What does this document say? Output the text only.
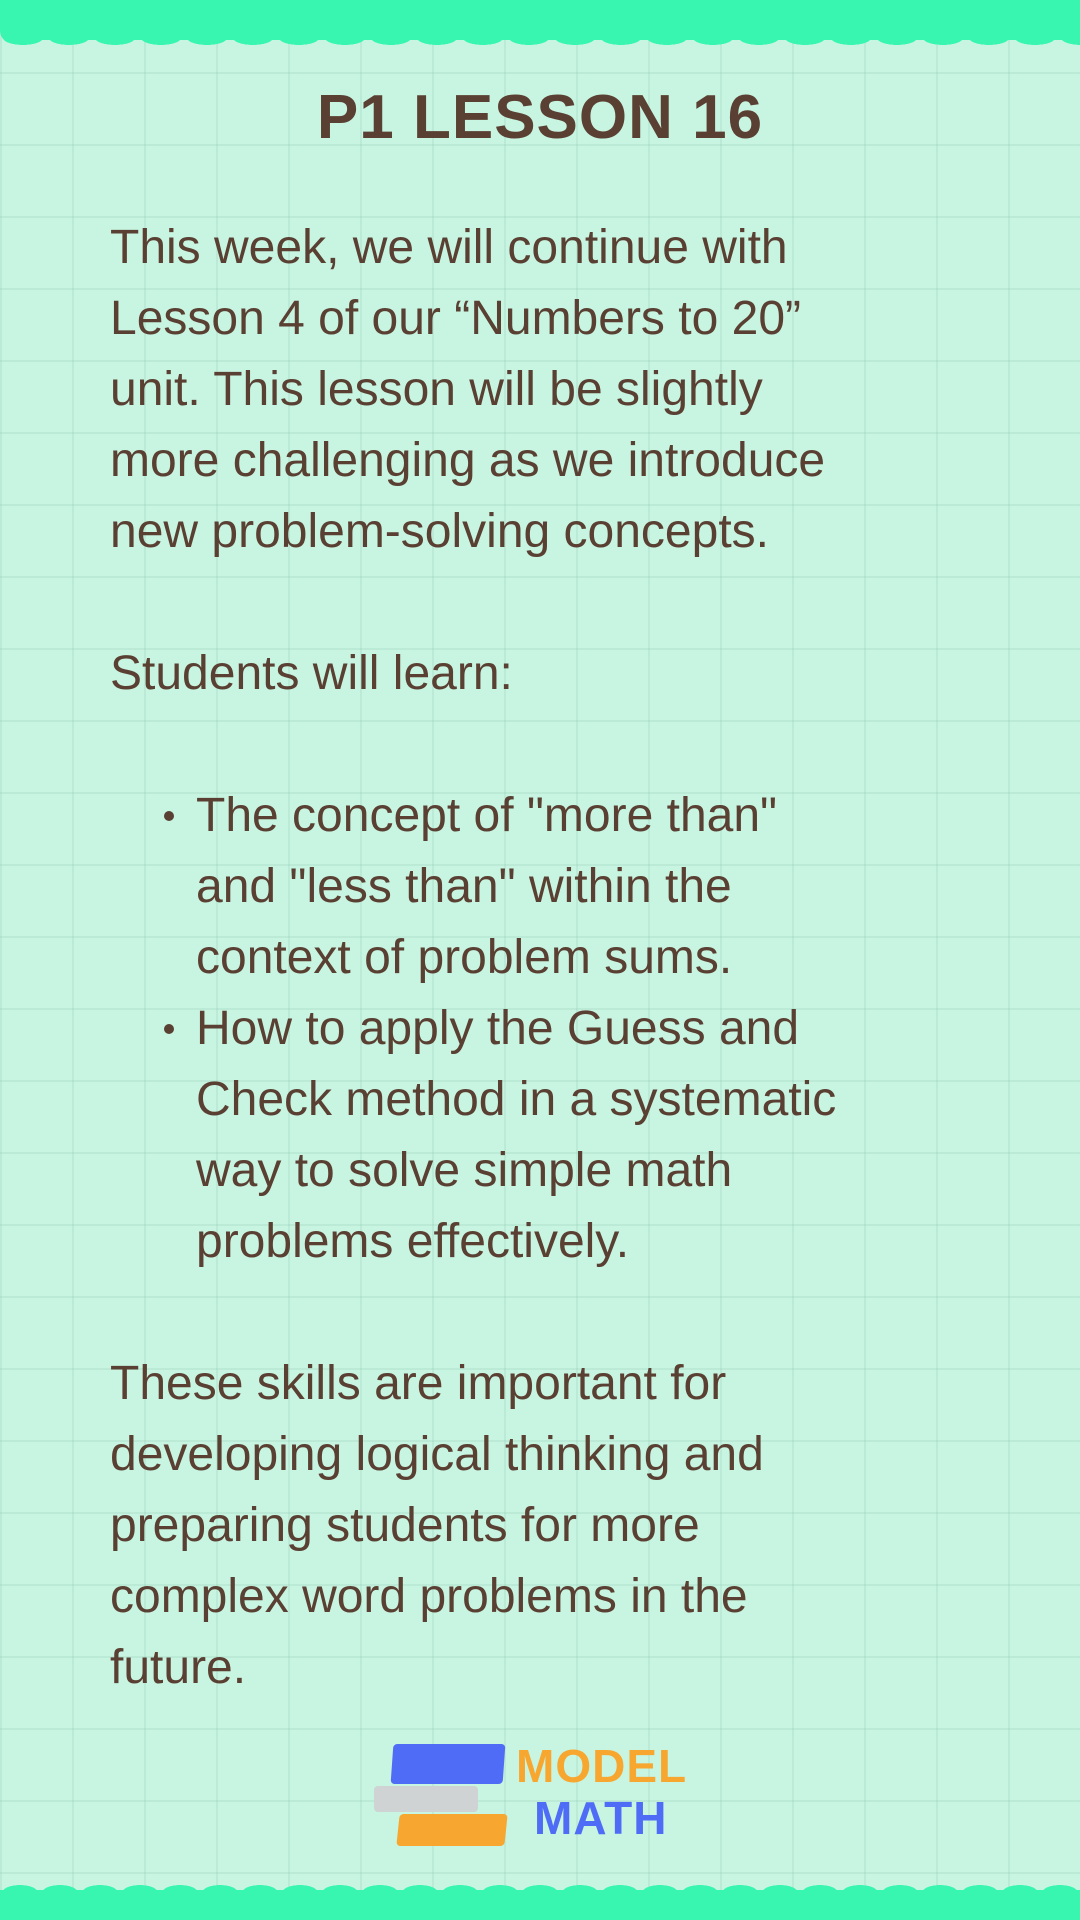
P1 LESSON 16

This week, we will continue with

Lesson 4 of our “Numbers to 20”

unit. This lesson will be slightly

more challenging as we introduce

new problem-solving concepts.

Students will learn:

The concept of "more than"

and "less than" within the

context of problem sums.

How to apply the Guess and

Check method in a systematic

way to solve simple math

problems effectively.

These skills are important for

developing logical thinking and

preparing students for more

complex word problems in the

future.

MODEL
MATH
